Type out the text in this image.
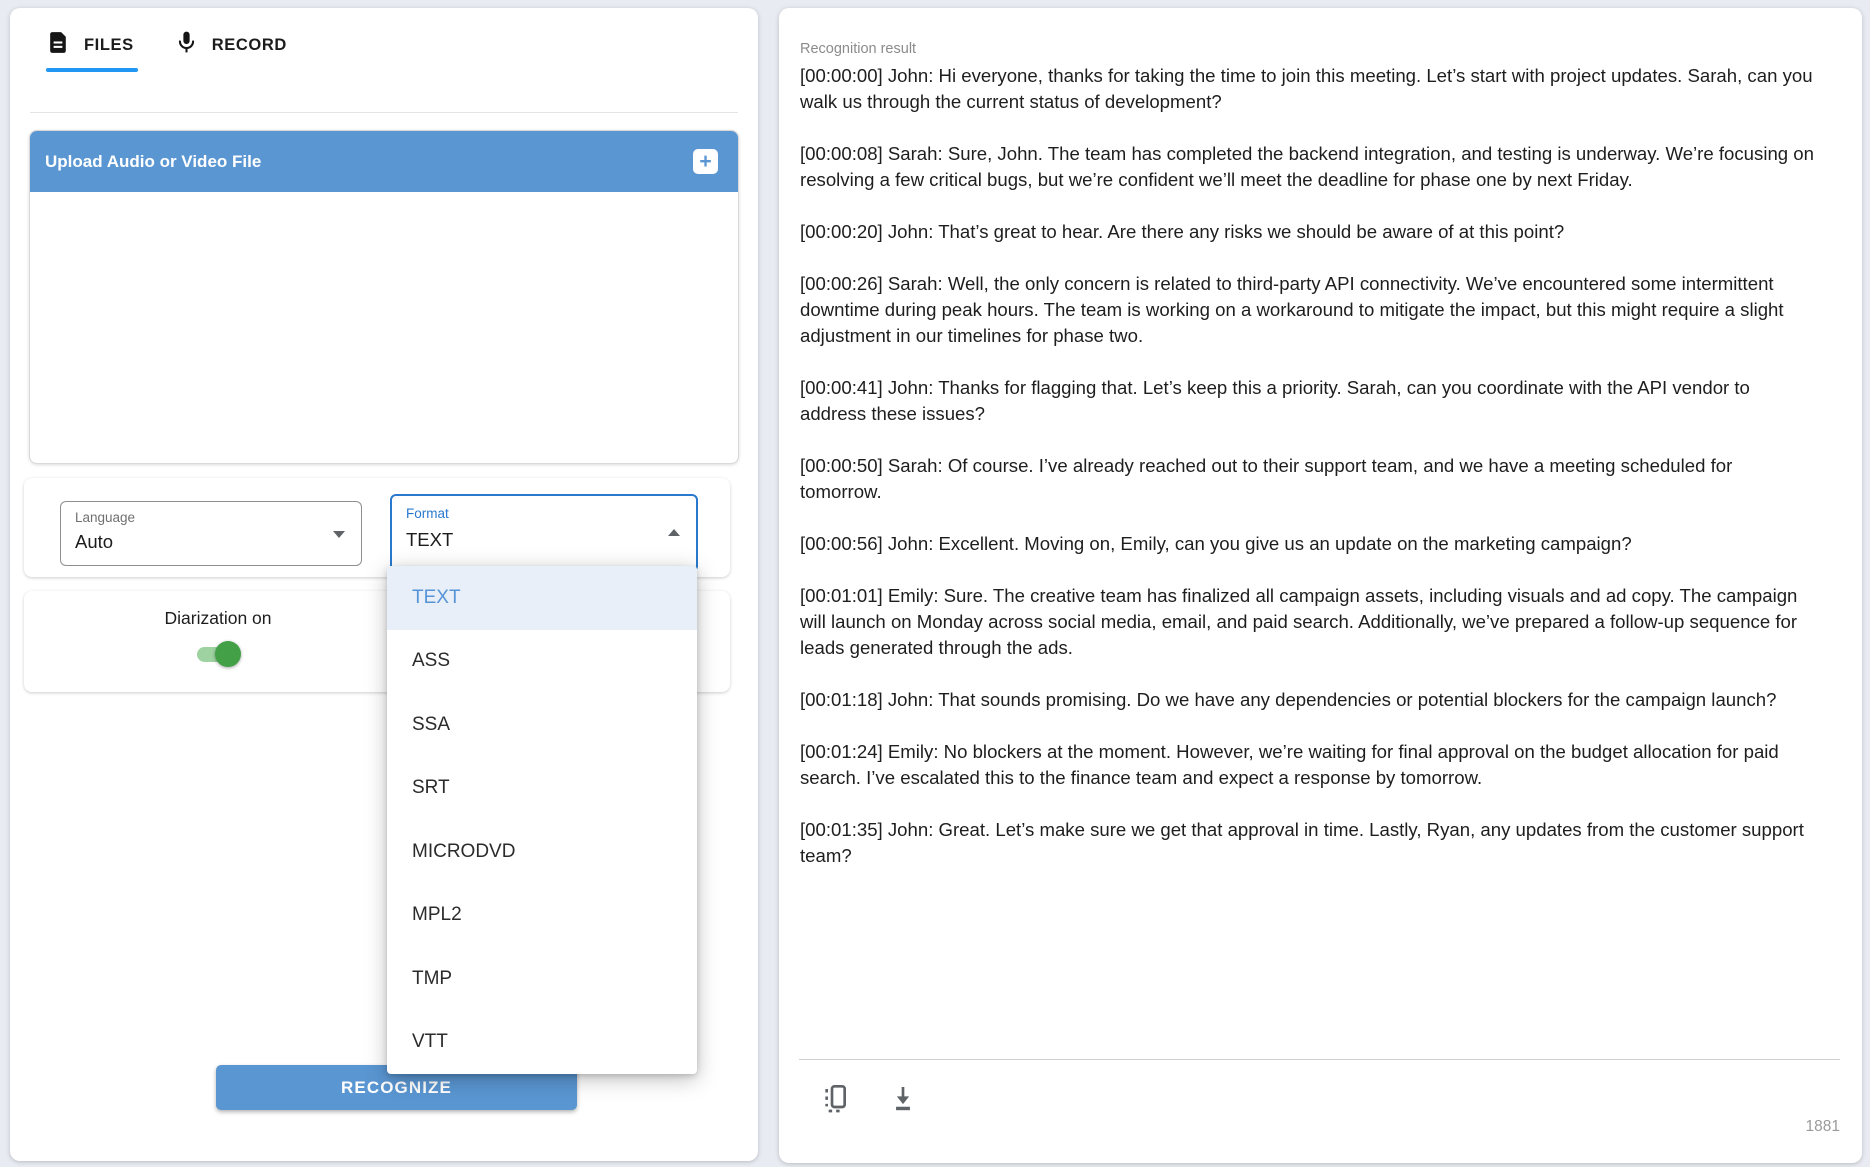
FILES	RECORD
Upload Audio or Video File	+
Language
Auto
Format
TEXT
Diarization on
RECOGNIZE
TEXT
ASS
SSA
SRT
MICRODVD
MPL2
TMP
VTT
Recognition result

[00:00:00] John: Hi everyone, thanks for taking the time to join this meeting. Let’s start with project updates. Sarah, can you walk us through the current status of development?

[00:00:08] Sarah: Sure, John. The team has completed the backend integration, and testing is underway. We’re focusing on resolving a few critical bugs, but we’re confident we’ll meet the deadline for phase one by next Friday.

[00:00:20] John: That’s great to hear. Are there any risks we should be aware of at this point?

[00:00:26] Sarah: Well, the only concern is related to third-party API connectivity. We’ve encountered some intermittent downtime during peak hours. The team is working on a workaround to mitigate the impact, but this might require a slight adjustment in our timelines for phase two.

[00:00:41] John: Thanks for flagging that. Let’s keep this a priority. Sarah, can you coordinate with the API vendor to address these issues?

[00:00:50] Sarah: Of course. I’ve already reached out to their support team, and we have a meeting scheduled for tomorrow.

[00:00:56] John: Excellent. Moving on, Emily, can you give us an update on the marketing campaign?

[00:01:01] Emily: Sure. The creative team has finalized all campaign assets, including visuals and ad copy. The campaign will launch on Monday across social media, email, and paid search. Additionally, we’ve prepared a follow-up sequence for leads generated through the ads.

[00:01:18] John: That sounds promising. Do we have any dependencies or potential blockers for the campaign launch?

[00:01:24] Emily: No blockers at the moment. However, we’re waiting for final approval on the budget allocation for paid search. I’ve escalated this to the finance team and expect a response by tomorrow.

[00:01:35] John: Great. Let’s make sure we get that approval in time. Lastly, Ryan, any updates from the customer support team?

1881
